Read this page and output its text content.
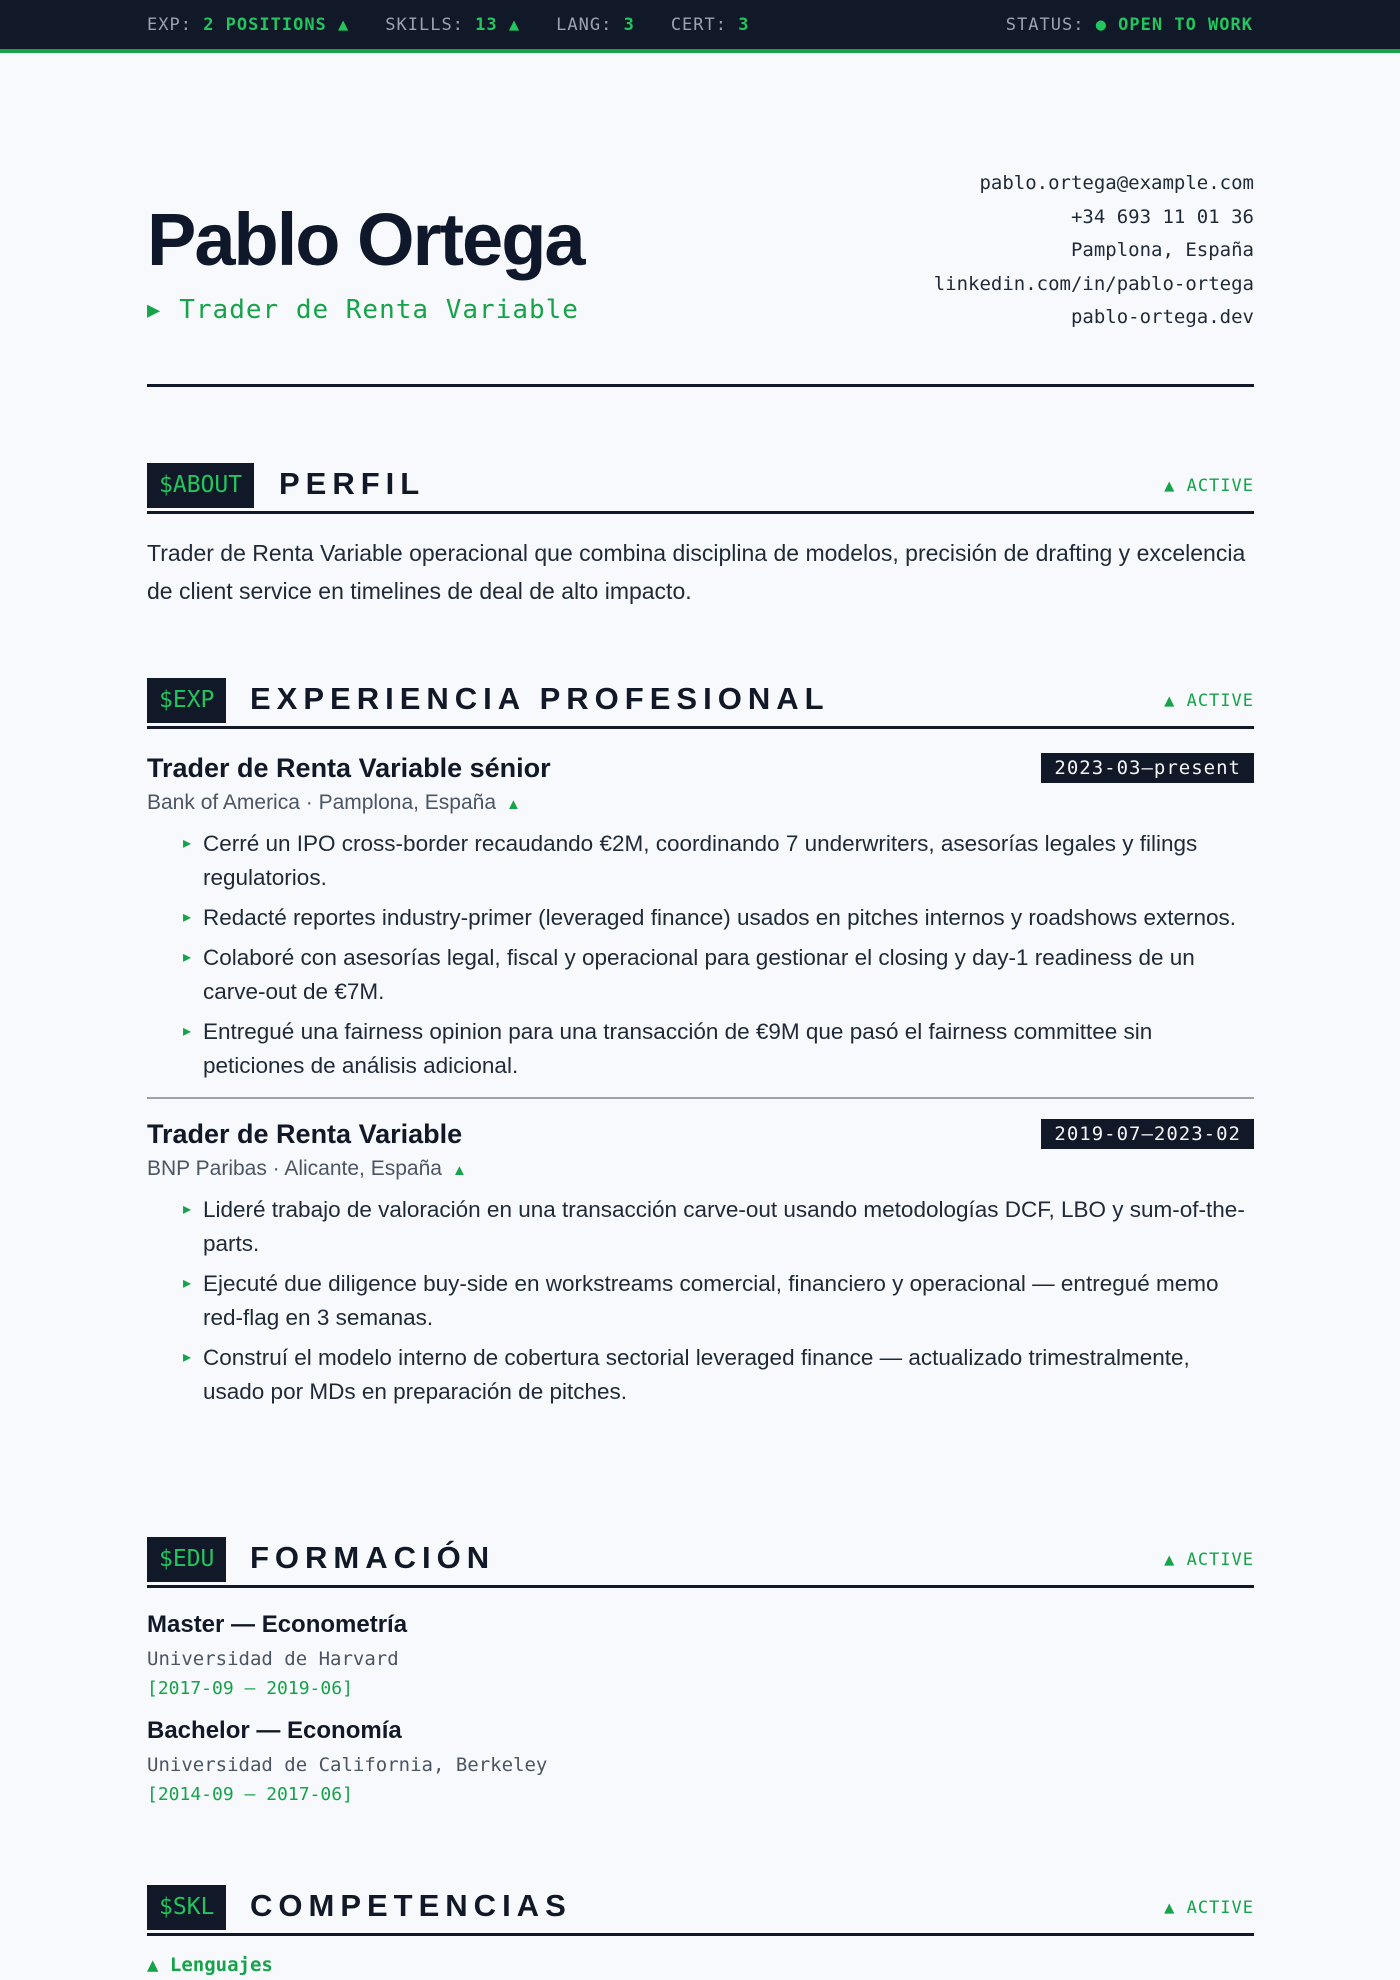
EXP: 2 POSITIONS ▲ SKILLS: 13 ▲ LANG: 3 CERT: 3	STATUS: ● OPEN TO WORK
Pablo Ortega
▶ Trader de Renta Variable
pablo.ortega@example.com
+34 693 11 01 36
Pamplona, España
linkedin.com/in/pablo-ortega
pablo-ortega.dev
$ABOUT	PERFIL	▲ ACTIVE

Trader de Renta Variable operacional que combina disciplina de modelos, precisión de drafting y excelencia de client service en timelines de deal de alto impacto.

$EXP	EXPERIENCIA PROFESIONAL	▲ ACTIVE
Trader de Renta Variable sénior	2023-03—present
Bank of America · Pamplona, España ▲
▸ Cerré un IPO cross-border recaudando €2M, coordinando 7 underwriters, asesorías legales y filings regulatorios.
▸ Redacté reportes industry-primer (leveraged finance) usados en pitches internos y roadshows externos.
▸ Colaboré con asesorías legal, fiscal y operacional para gestionar el closing y day-1 readiness de un carve-out de €7M.
▸ Entregué una fairness opinion para una transacción de €9M que pasó el fairness committee sin peticiones de análisis adicional.
Trader de Renta Variable	2019-07—2023-02
BNP Paribas · Alicante, España ▲
▸ Lideré trabajo de valoración en una transacción carve-out usando metodologías DCF, LBO y sum-of-the-parts.
▸ Ejecuté due diligence buy-side en workstreams comercial, financiero y operacional — entregué memo red-flag en 3 semanas.
▸ Construí el modelo interno de cobertura sectorial leveraged finance — actualizado trimestralmente, usado por MDs en preparación de pitches.
$EDU	FORMACIÓN	▲ ACTIVE
Master — Econometría
Universidad de Harvard
[2017-09 – 2019-06]
Bachelor — Economía
Universidad de California, Berkeley
[2014-09 – 2017-06]
$SKL	COMPETENCIAS	▲ ACTIVE
▲ Lenguajes
